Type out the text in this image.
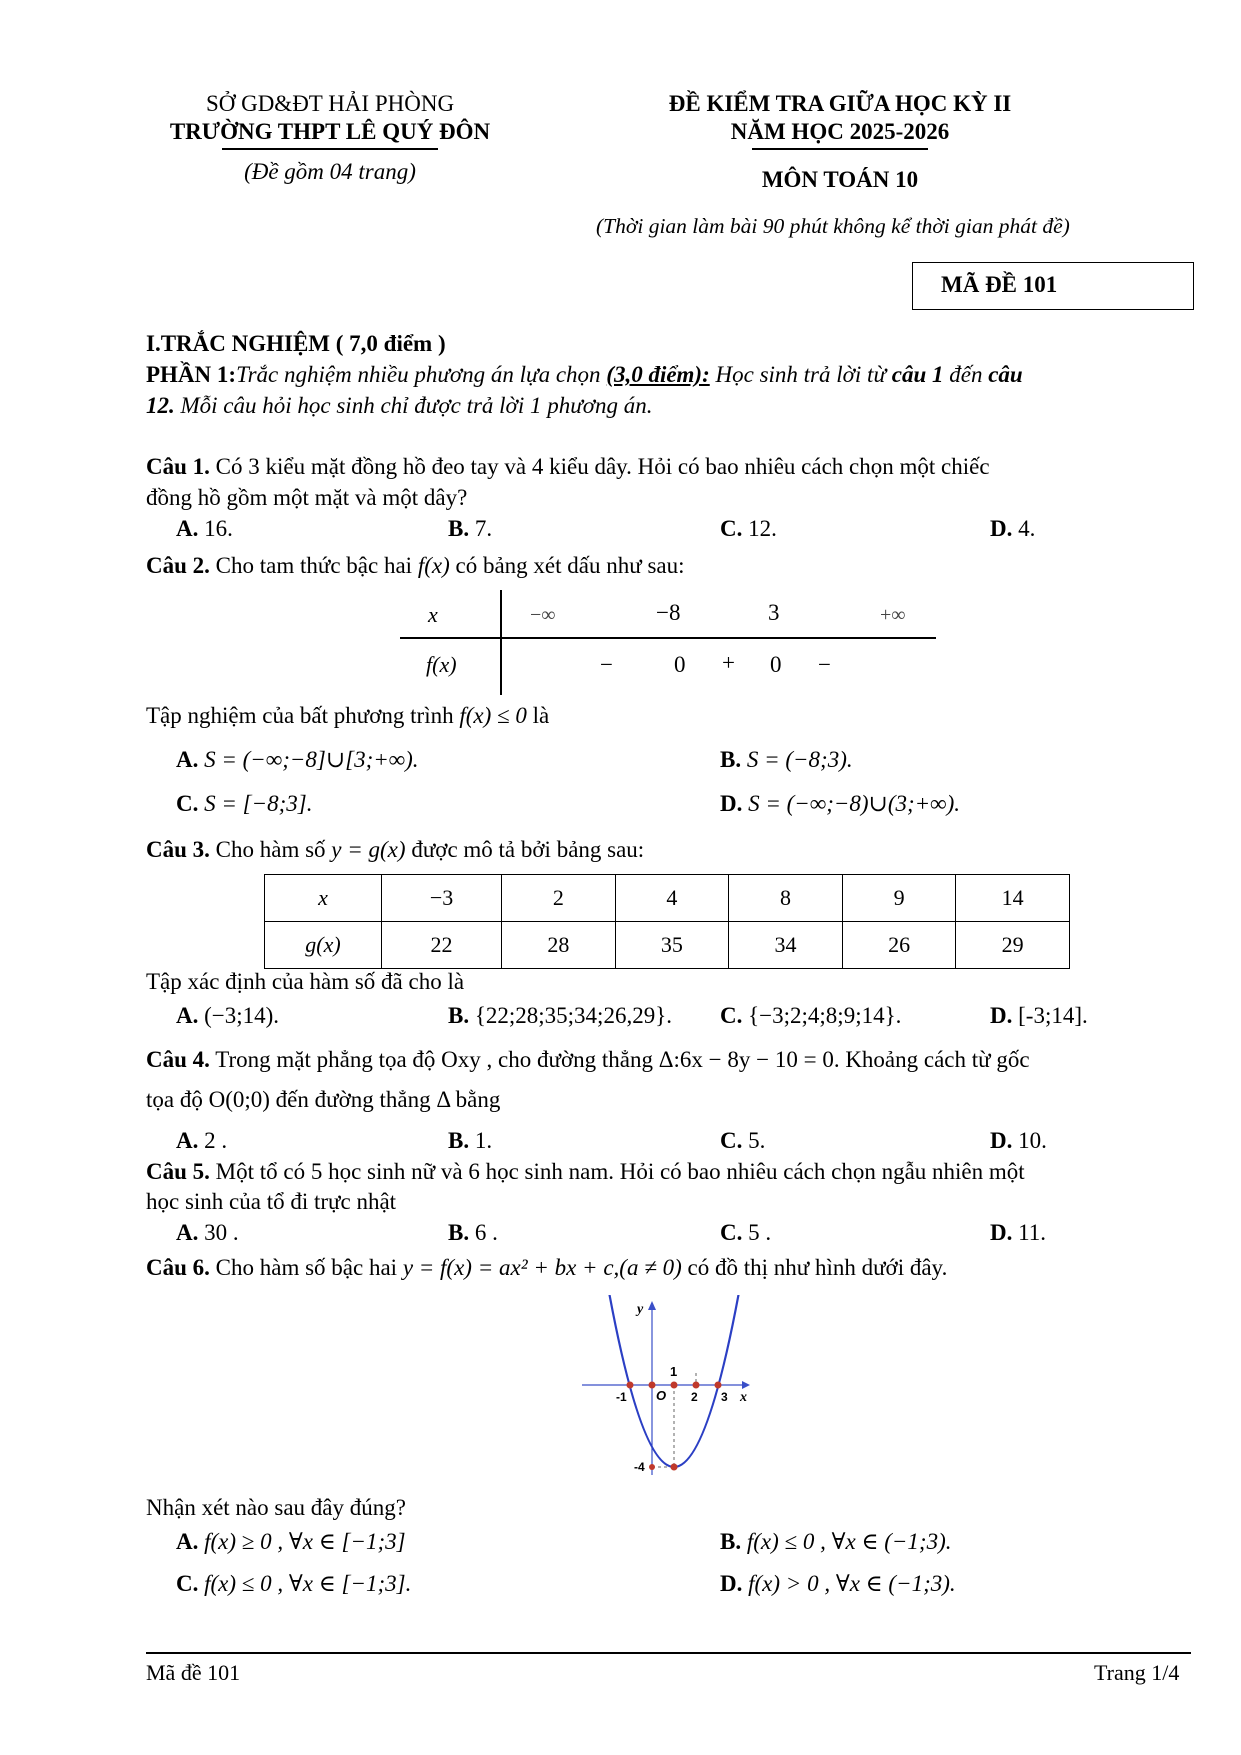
SỞ GD&ĐT HẢI PHÒNG
TRƯỜNG THPT LÊ QUÝ ĐÔN
(Đề gồm 04 trang)
ĐỀ KIỂM TRA GIỮA HỌC KỲ II
NĂM HỌC 2025-2026
MÔN TOÁN 10
(Thời gian làm bài 90 phút không kể thời gian phát đề)
MÃ ĐỀ 101
I.TRẮC NGHIỆM ( 7,0 điểm )
PHẦN 1:Trắc nghiệm nhiều phương án lựa chọn (3,0 điểm): Học sinh trả lời từ câu 1 đến câu
12. Mỗi câu hỏi học sinh chỉ được trả lời 1 phương án.
Câu 1. Có 3 kiểu mặt đồng hồ đeo tay và 4 kiểu dây. Hỏi có bao nhiêu cách chọn một chiếc
đồng hồ gồm một mặt và một dây?
A. 16.	B. 7.	C. 12.	D. 4.
Câu 2. Cho tam thức bậc hai f(x) có bảng xét dấu như sau:
x	−∞	−8	3	+∞
f(x)	−	0 + 0 −
Tập nghiệm của bất phương trình f(x) ≤ 0 là
A. S = (−∞;−8]∪[3;+∞).	B. S = (−8;3).
C. S = [−8;3].	D. S = (−∞;−8)∪(3;+∞).
Câu 3. Cho hàm số y = g(x) được mô tả bởi bảng sau:
x	−3	2	4	8	9	14
g(x)	22	28	35	34	26	29
Tập xác định của hàm số đã cho là
A. (−3;14).	B. {22;28;35;34;26,29}. C. {−3;2;4;8;9;14}.	D. [-3;14].
Câu 4. Trong mặt phẳng tọa độ Oxy , cho đường thẳng Δ:6x − 8y − 10 = 0. Khoảng cách từ gốc
tọa độ O(0;0) đến đường thẳng Δ bằng
A. 2 .	B. 1.	C. 5.	D. 10.
Câu 5. Một tổ có 5 học sinh nữ và 6 học sinh nam. Hỏi có bao nhiêu cách chọn ngẫu nhiên một
học sinh của tổ đi trực nhật
A. 30 .	B. 6 .	C. 5 .	D. 11.
Câu 6. Cho hàm số bậc hai y = f(x) = ax² + bx + c,(a ≠ 0) có đồ thị như hình dưới đây.
y
x
O
-1
1
2 3
-4
Nhận xét nào sau đây đúng?
A. f(x) ≥ 0 , ∀x ∈ [−1;3]	B. f(x) ≤ 0 , ∀x ∈ (−1;3).
C. f(x) ≤ 0 , ∀x ∈ [−1;3].	D. f(x) > 0 , ∀x ∈ (−1;3).
Mã đề 101	Trang 1/4
